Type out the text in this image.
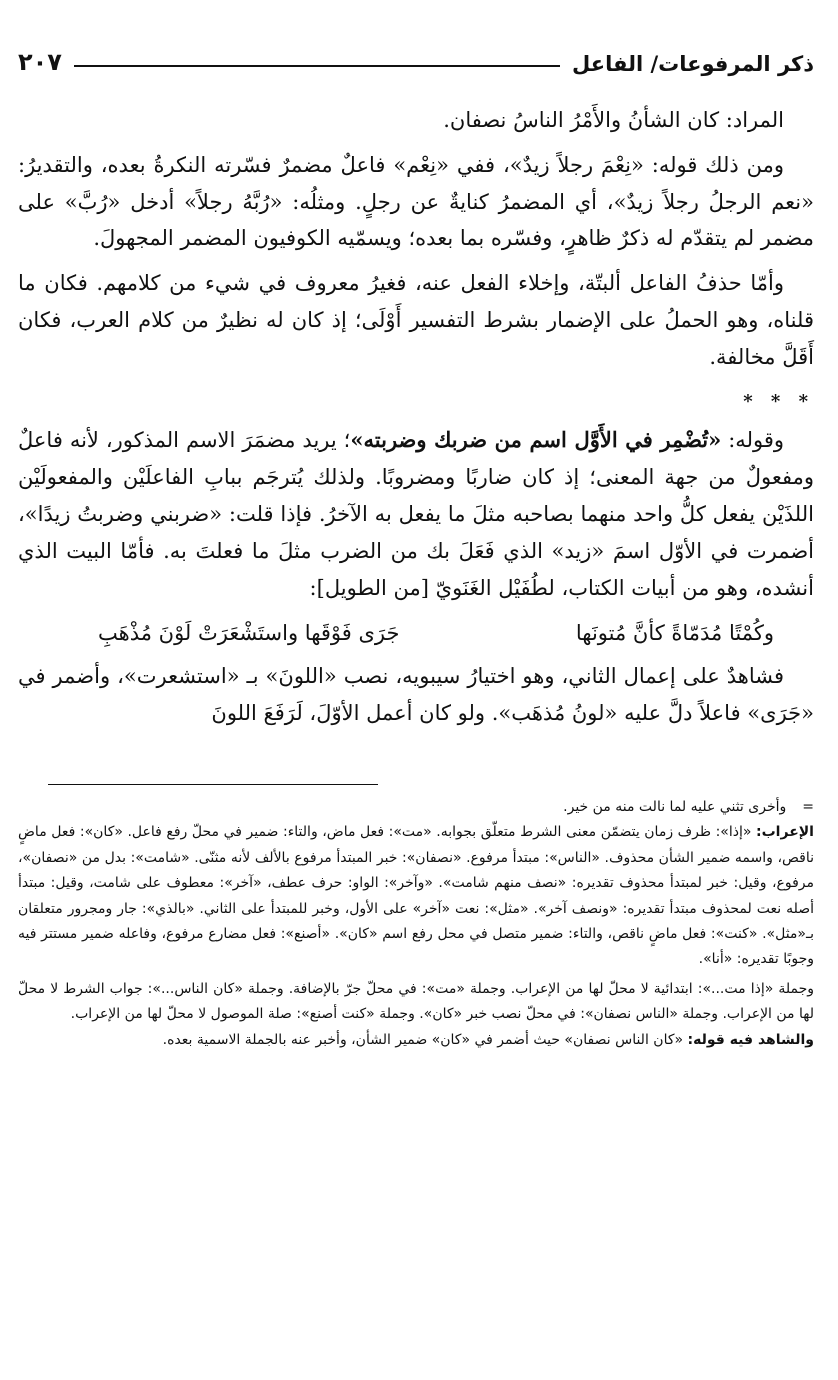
ذكر المرفوعات/ الفاعل
٢٠٧

المراد: كان الشأنُ والأَمْرُ الناسُ نصفان.

ومن ذلك قوله: «نِعْمَ رجلاً زيدٌ»، ففي «نِعْم» فاعلٌ مضمرٌ فسّرته النكرةُ بعده، والتقديرُ: «نعم الرجلُ رجلاً زيدٌ»، أي المضمرُ كنايةٌ عن رجلٍ. ومثلُه: «رُبَّهُ رجلاً» أدخل «رُبَّ» على مضمر لم يتقدّم له ذكرٌ ظاهرٍ، وفسّره بما بعده؛ ويسمّيه الكوفيون المضمر المجهولَ.

وأمّا حذفُ الفاعل ألبتّة، وإخلاء الفعل عنه، فغيرُ معروف في شيء من كلامهم. فكان ما قلناه، وهو الحملُ على الإضمار بشرط التفسير أَوْلَى؛ إذ كان له نظيرٌ من كلام العرب، فكان أَقَلَّ مخالفة.

* * *

وقوله: «تُضْمِر في الأَوَّل اسم من ضربك وضربته»؛ يريد مضمَرَ الاسم المذكور، لأنه فاعلٌ ومفعولٌ من جهة المعنى؛ إذ كان ضاربًا ومضروبًا. ولذلك يُترجَم ببابِ الفاعلَيْن والمفعولَيْن اللذَيْن يفعل كلُّ واحد منهما بصاحبه مثلَ ما يفعل به الآخرُ. فإذا قلت: «ضربني وضربتُ زيدًا»، أضمرت في الأوّل اسمَ «زيد» الذي فَعَلَ بك من الضرب مثلَ ما فعلتَ به. فأمّا البيت الذي أنشده، وهو من أبيات الكتاب، لطُفَيْل الغَنَويّ [من الطويل]:

وكُمْتًا مُدَمّاةً كأنَّ مُتونَها
جَرَى فَوْقَها واستَشْعَرَتْ لَوْنَ مُذْهَبِ

فشاهدٌ على إعمال الثاني، وهو اختيارُ سيبويه، نصب «اللونَ» بـ «استشعرت»، وأضمر في «جَرَى» فاعلاً دلَّ عليه «لونُ مُذهَب». ولو كان أعمل الأوّلَ، لَرَفَعَ اللونَ

=وأخرى تثني عليه لما نالت منه من خير.

الإعراب: «إذا»: ظرف زمان يتضمّن معنى الشرط متعلّق بجوابه. «مت»: فعل ماض، والتاء: ضمير في محلّ رفع فاعل. «كان»: فعل ماضٍ ناقص، واسمه ضمير الشأن محذوف. «الناس»: مبتدأ مرفوع. «نصفان»: خبر المبتدأ مرفوع بالألف لأنه مثنّى. «شامت»: بدل من «نصفان»، مرفوع، وقيل: خبر لمبتدأ محذوف تقديره: «نصف منهم شامت». «وآخر»: الواو: حرف عطف، «آخر»: معطوف على شامت، وقيل: مبتدأ أصله نعت لمحذوف مبتدأ تقديره: «ونصف آخر». «مثل»: نعت «آخر» على الأول، وخبر للمبتدأ على الثاني. «بالذي»: جار ومجرور متعلقان بـ«مثل». «كنت»: فعل ماضٍ ناقص، والتاء: ضمير متصل في محل رفع اسم «كان». «أصنع»: فعل مضارع مرفوع، وفاعله ضمير مستتر فيه وجوبًا تقديره: «أنا».

وجملة «إذا مت...»: ابتدائية لا محلّ لها من الإعراب. وجملة «مت»: في محلّ جرّ بالإضافة. وجملة «كان الناس...»: جواب الشرط لا محلّ لها من الإعراب. وجملة «الناس نصفان»: في محلّ نصب خبر «كان». وجملة «كنت أصنع»: صلة الموصول لا محلّ لها من الإعراب.

والشاهد فيه قوله: «كان الناس نصفان» حيث أضمر في «كان» ضمير الشأن، وأخبر عنه بالجملة الاسمية بعده.
